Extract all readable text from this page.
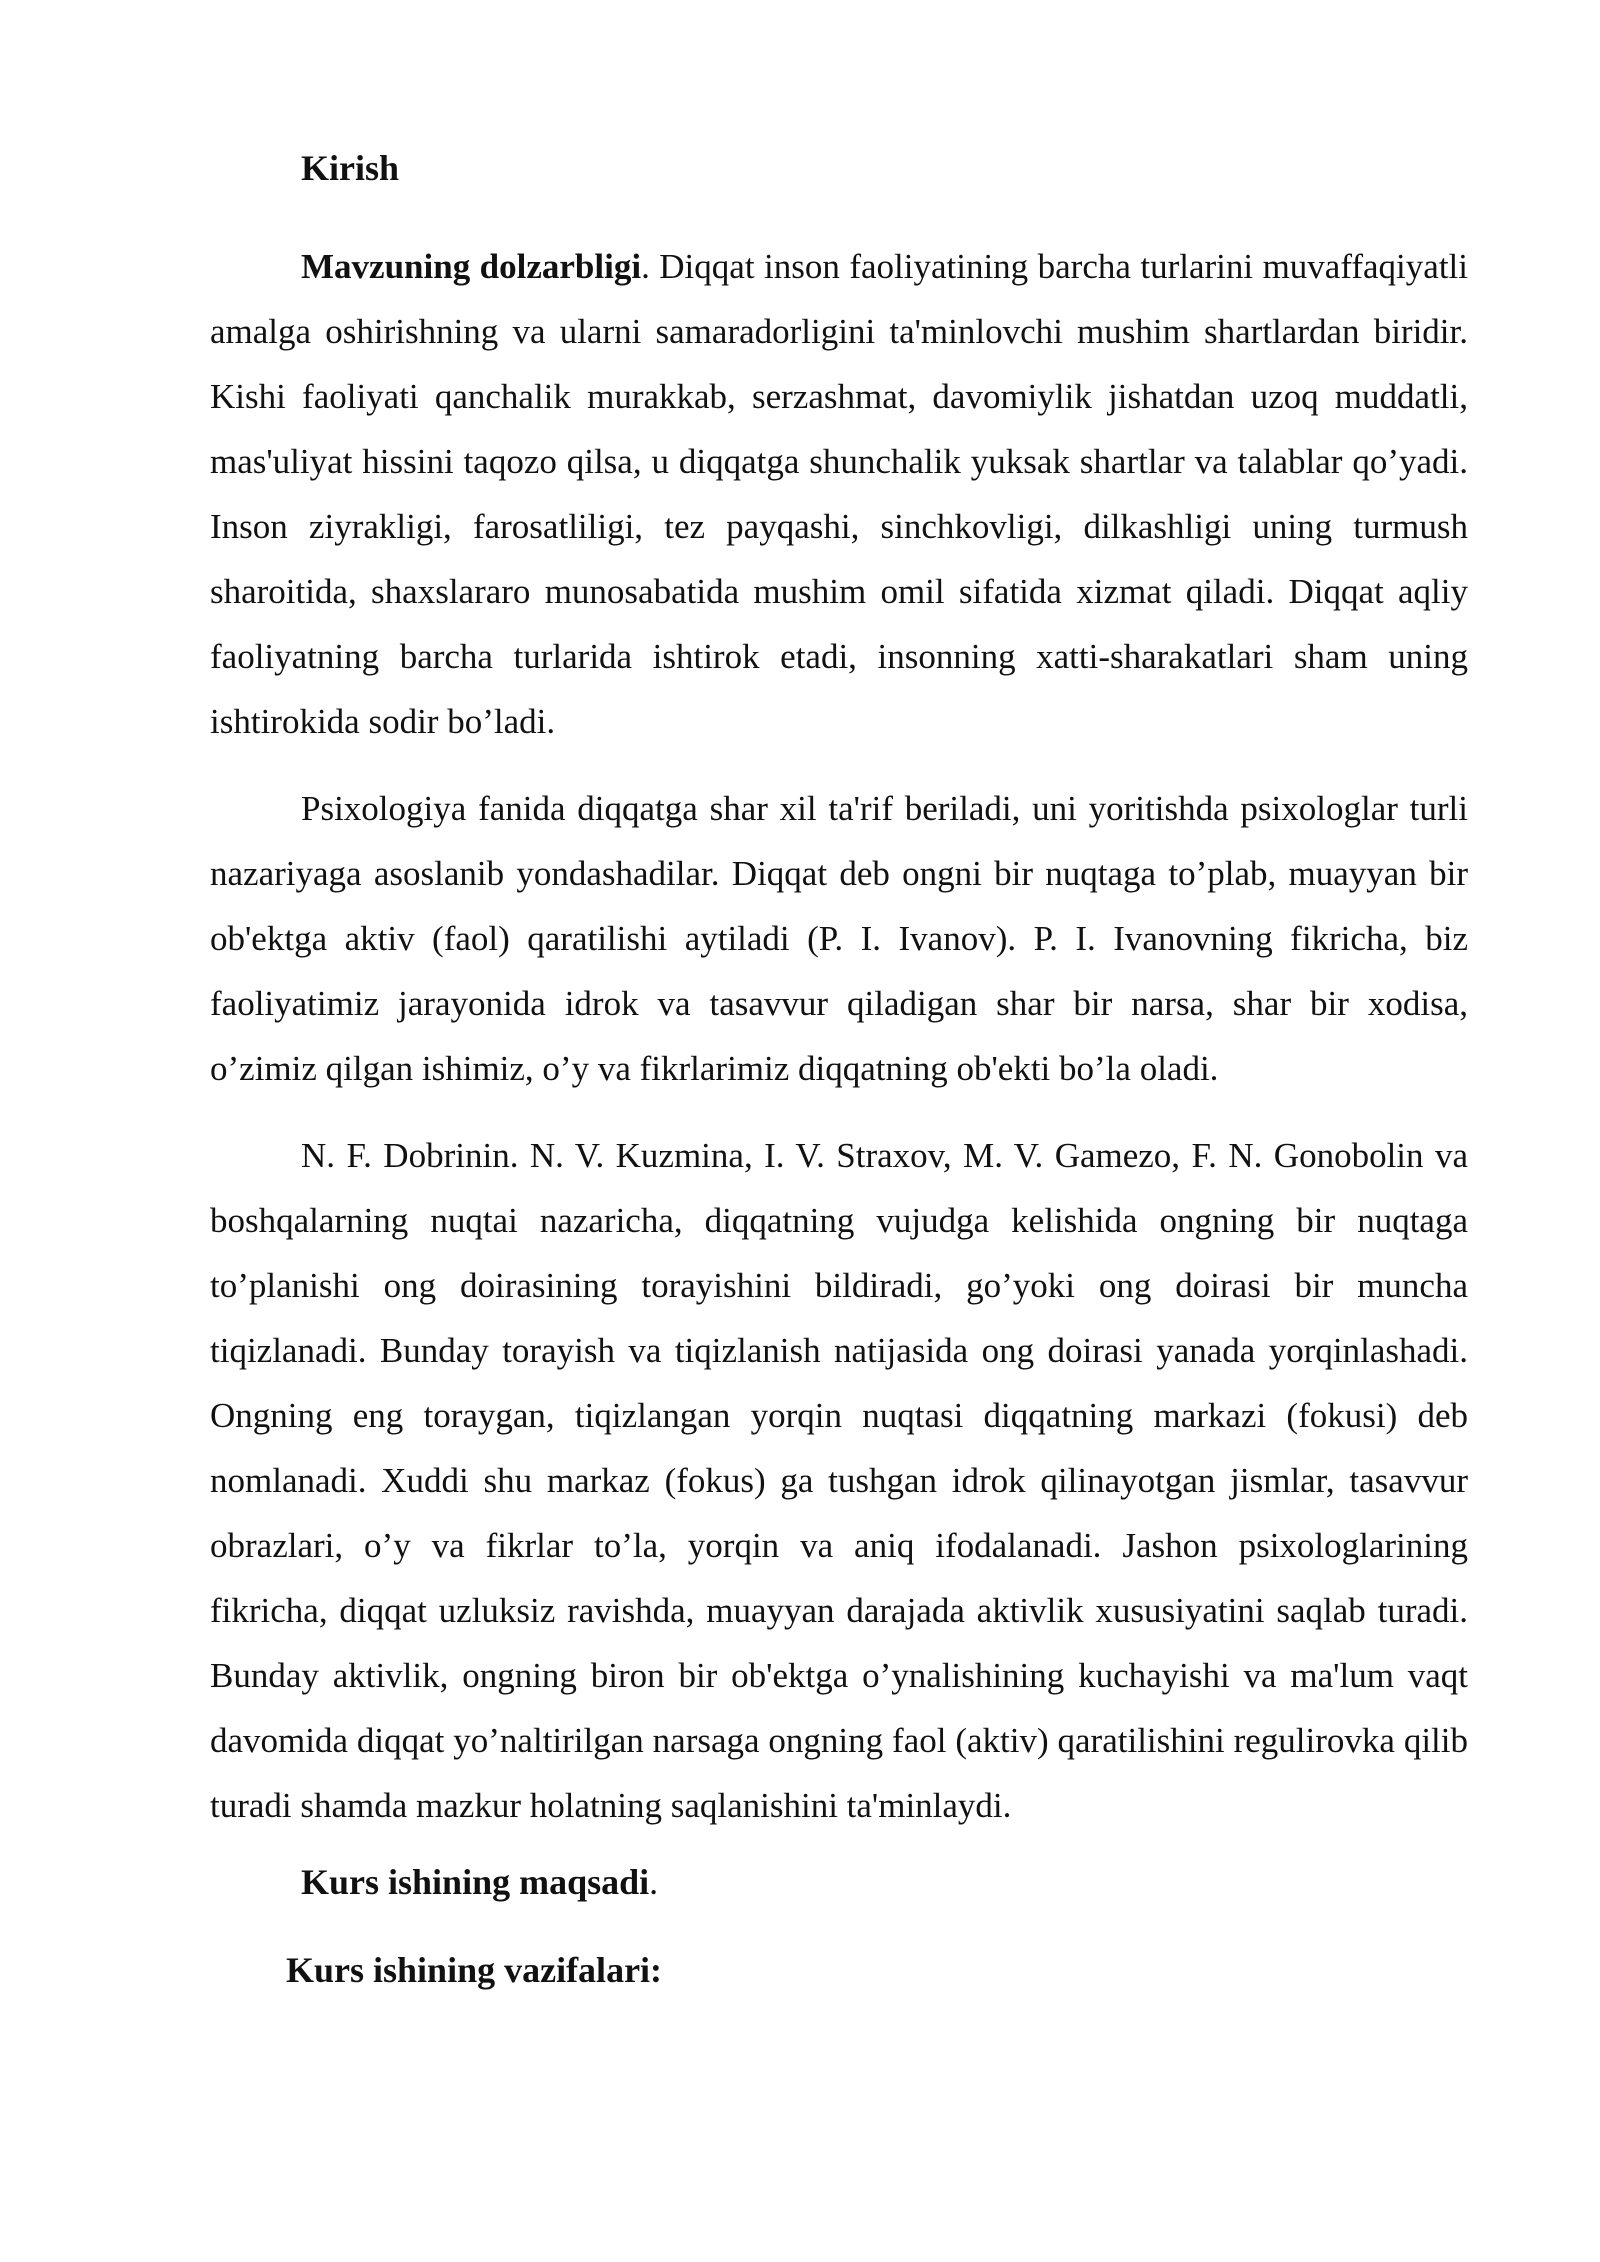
Kirish

Mavzuning dolzarbligi. Diqqat inson faoliyatining barcha turlarini muvaffaqiyatli amalga oshirishning va ularni samaradorligini ta'minlovchi mushim shartlardan biridir. Kishi faoliyati qanchalik murakkab, serzashmat, davomiylik jishatdan uzoq muddatli, mas'uliyat hissini taqozo qilsa, u diqqatga shunchalik yuksak shartlar va talablar qo’yadi. Inson ziyrakligi, farosatliligi, tez payqashi, sinchkovligi, dilkashligi uning turmush sharoitida, shaxslararo munosabatida mushim omil sifatida xizmat qiladi. Diqqat aqliy faoliyatning barcha turlarida ishtirok etadi, insonning xatti-sharakatlari sham uning ishtirokida sodir bo’ladi.

Psixologiya fanida diqqatga shar xil ta'rif beriladi, uni yoritishda psixologlar turli nazariyaga asoslanib yondashadilar. Diqqat deb ongni bir nuqtaga to’plab, muayyan bir ob'ektga aktiv (faol) qaratilishi aytiladi (P. I. Ivanov). P. I. Ivanovning fikricha, biz faoliyatimiz jarayonida idrok va tasavvur qiladigan shar bir narsa, shar bir xodisa, o’zimiz qilgan ishimiz, o’y va fikrlarimiz diqqatning ob'ekti bo’la oladi.

N. F. Dobrinin. N. V. Kuzmina, I. V. Straxov, M. V. Gamezo, F. N. Gonobolin va boshqalarning nuqtai nazaricha, diqqatning vujudga kelishida ongning bir nuqtaga to’planishi ong doirasining torayishini bildiradi, go’yoki ong doirasi bir muncha tiqizlanadi. Bunday torayish va tiqizlanish natijasida ong doirasi yanada yorqinlashadi. Ongning eng toraygan, tiqizlangan yorqin nuqtasi diqqatning markazi (fokusi) deb nomlanadi. Xuddi shu markaz (fokus) ga tushgan idrok qilinayotgan jismlar, tasavvur obrazlari, o’y va fikrlar to’la, yorqin va aniq ifodalanadi. Jashon psixologlarining fikricha, diqqat uzluksiz ravishda, muayyan darajada aktivlik xususiyatini saqlab turadi. Bunday aktivlik, ongning biron bir ob'ektga o’ynalishining kuchayishi va ma'lum vaqt davomida diqqat yo’naltirilgan narsaga ongning faol (aktiv) qaratilishini regulirovka qilib turadi shamda mazkur holatning saqlanishini ta'minlaydi.

Kurs ishining maqsadi.
Kurs ishining vazifalari:
